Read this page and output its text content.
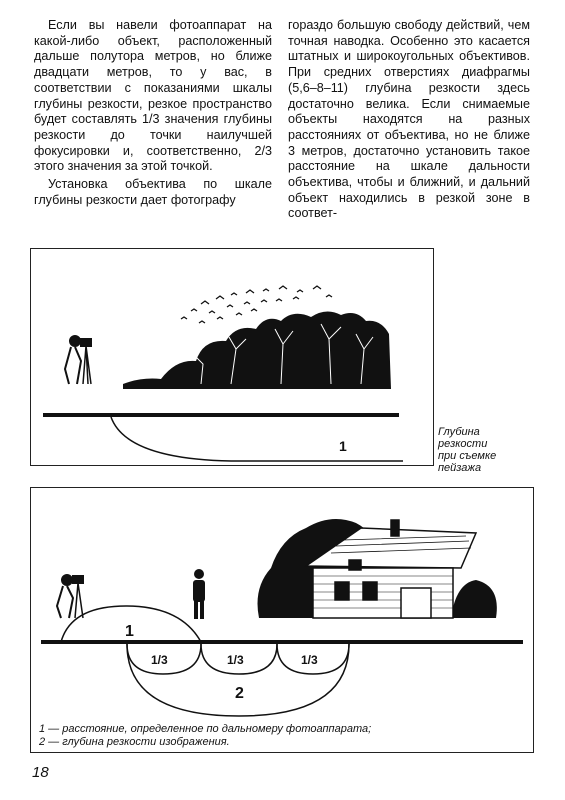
Если вы навели фотоаппарат на какой-либо объект, расположенный дальше полутора метров, но ближе двадцати метров, то у вас, в соответствии с показаниями шкалы глубины резкости, резкое пространство будет составлять 1/3 значения глубины резкости до точки наилучшей фокусировки и, соответственно, 2/3 этого значения за этой точкой.

Установка объектива по шкале глубины резкости дает фотографу

гораздо большую свободу действий, чем точная наводка. Особенно это касается штатных и широкоугольных объективов. При средних отверстиях диафрагмы (5,6–8–11) глубина резкости здесь достаточно велика. Если снимаемые объекты находятся на разных расстояниях от объектива, но не ближе 3 метров, достаточно установить такое расстояние на шкале дальности объектива, чтобы и ближний, и дальний объект находились в резкой зоне в соответ-

1
Глубина
резкости
при съемке
пейзажа
1
1/3	1/3	1/3
2
1 — расстояние, определенное по дальномеру фотоаппарата;
2 — глубина резкости изображения.
18
